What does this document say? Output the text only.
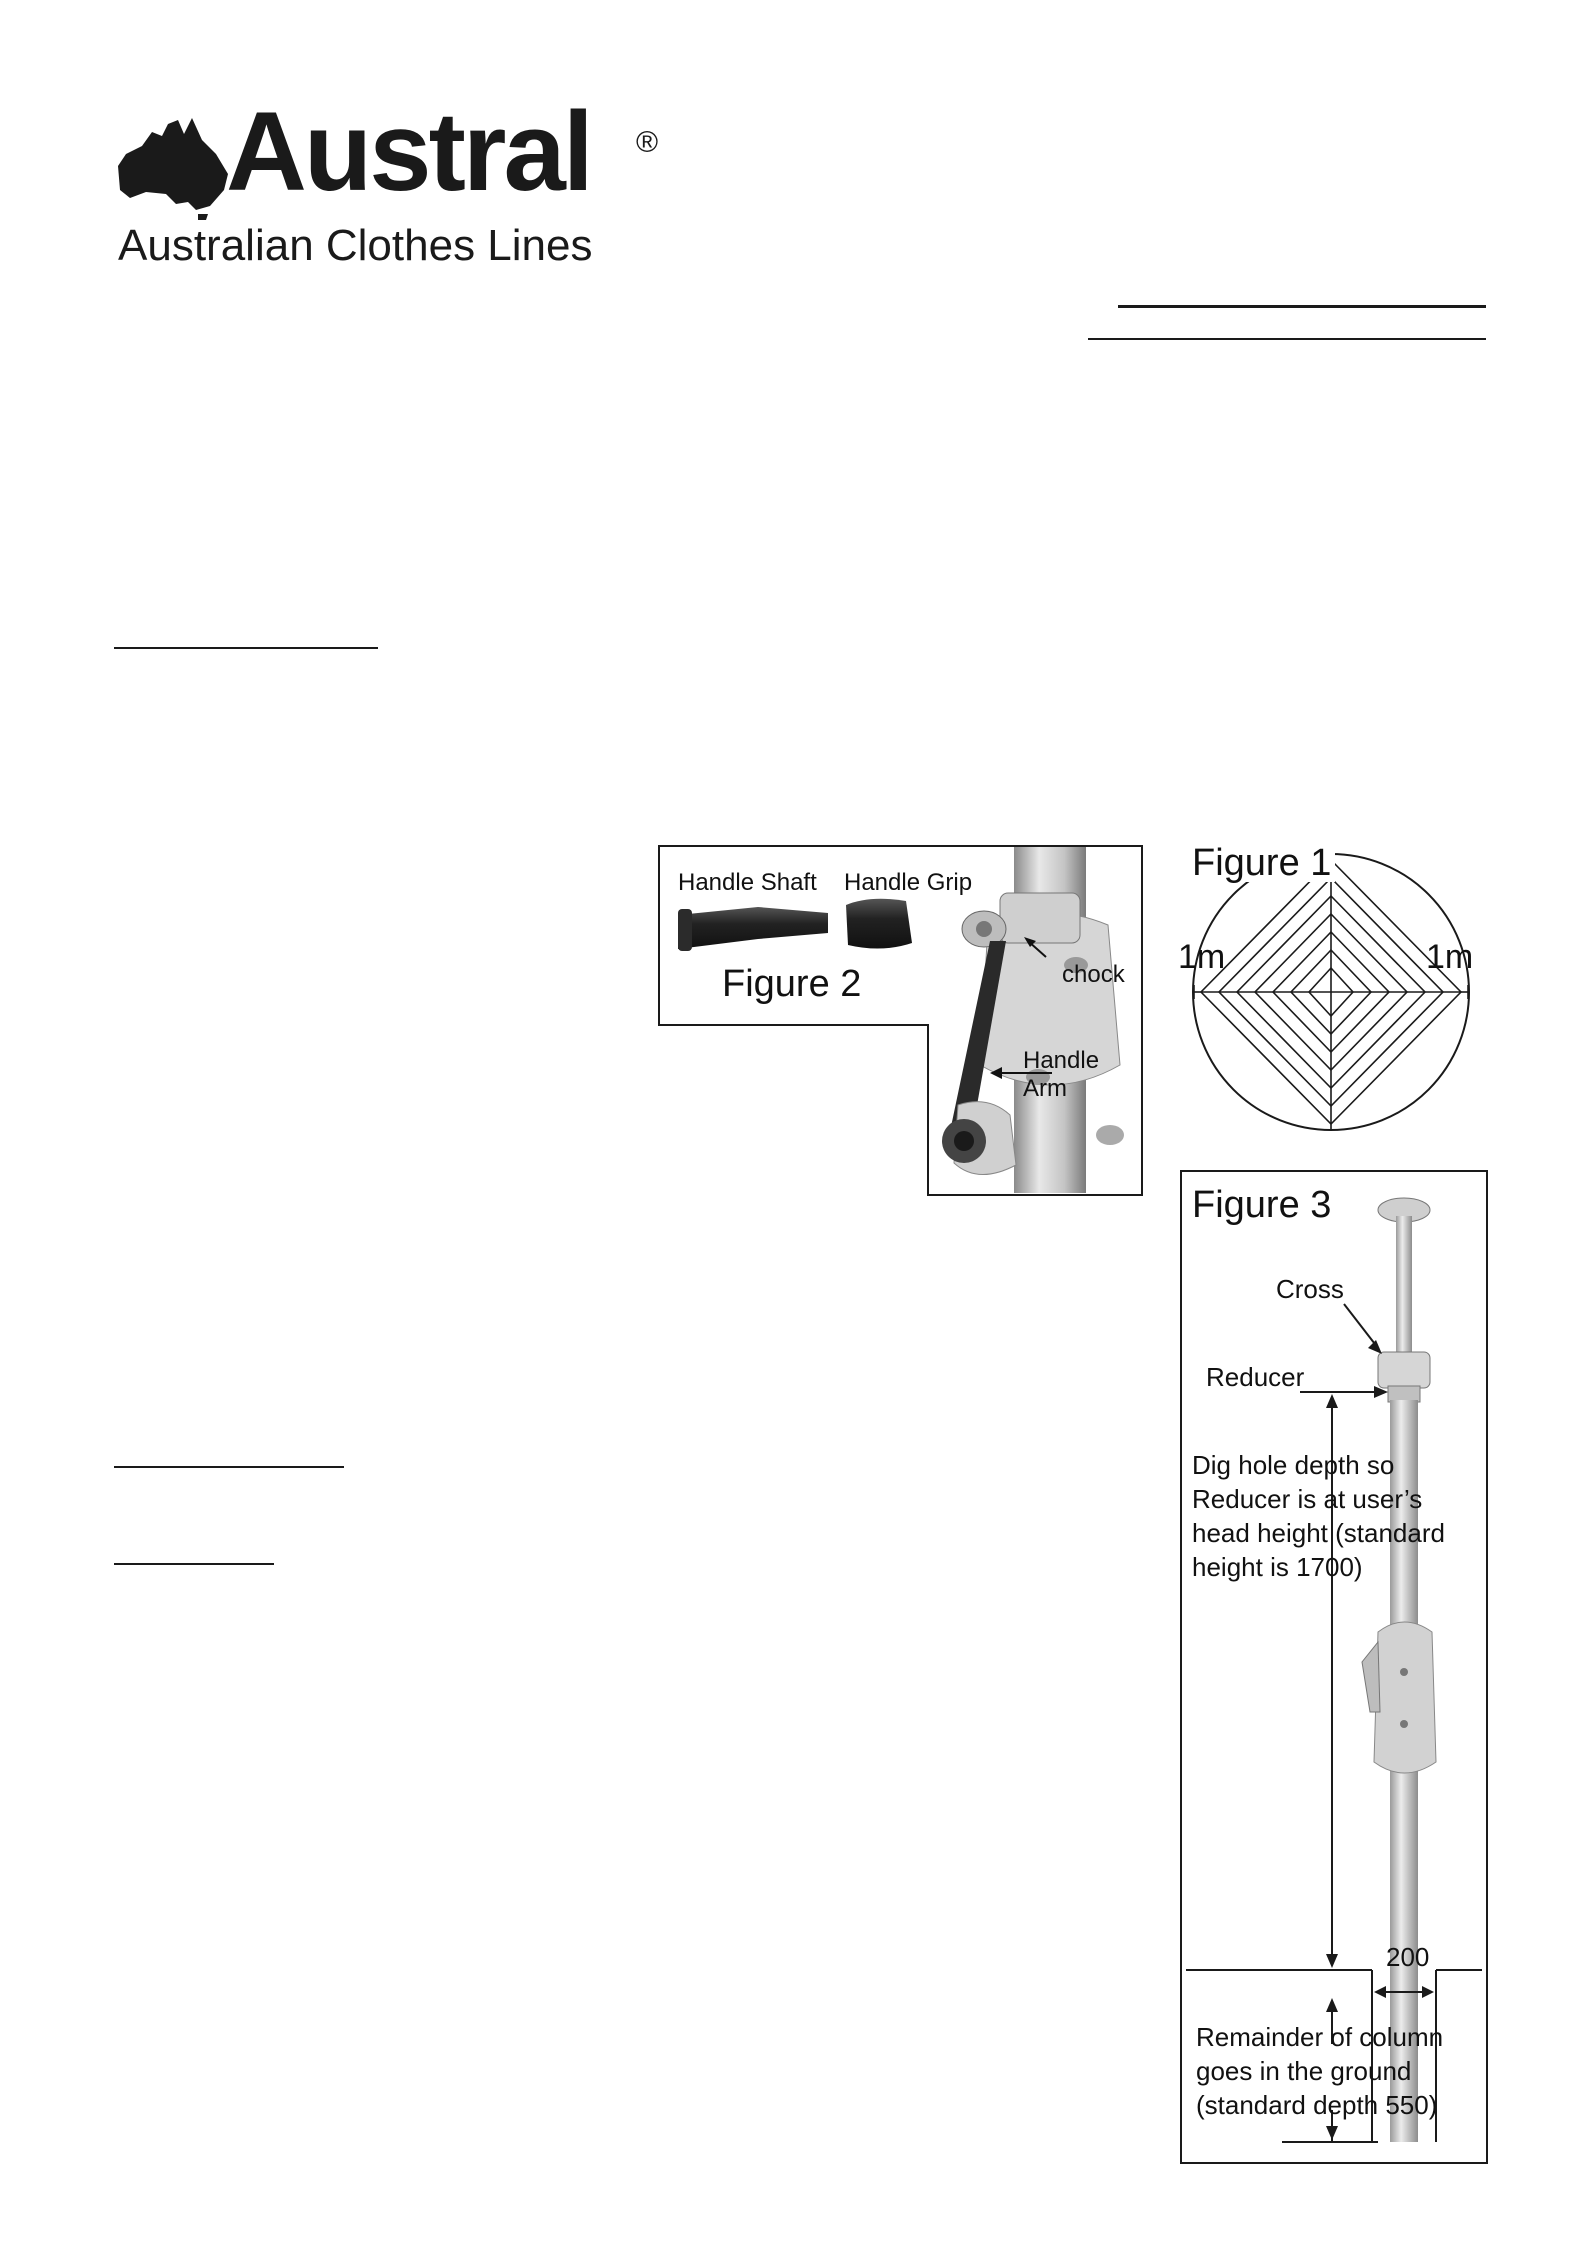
Austral ®
Australian Clothes Lines
Handle Shaft Handle Grip
Figure 2	chock
Handle
Arm
Figure 1
1m	1m
Figure 3
Cross
Reducer
Dig hole depth so
Reducer is at user’s
head height (standard
height is 1700)
200
Remainder of column
goes in the ground
(standard depth 550)
